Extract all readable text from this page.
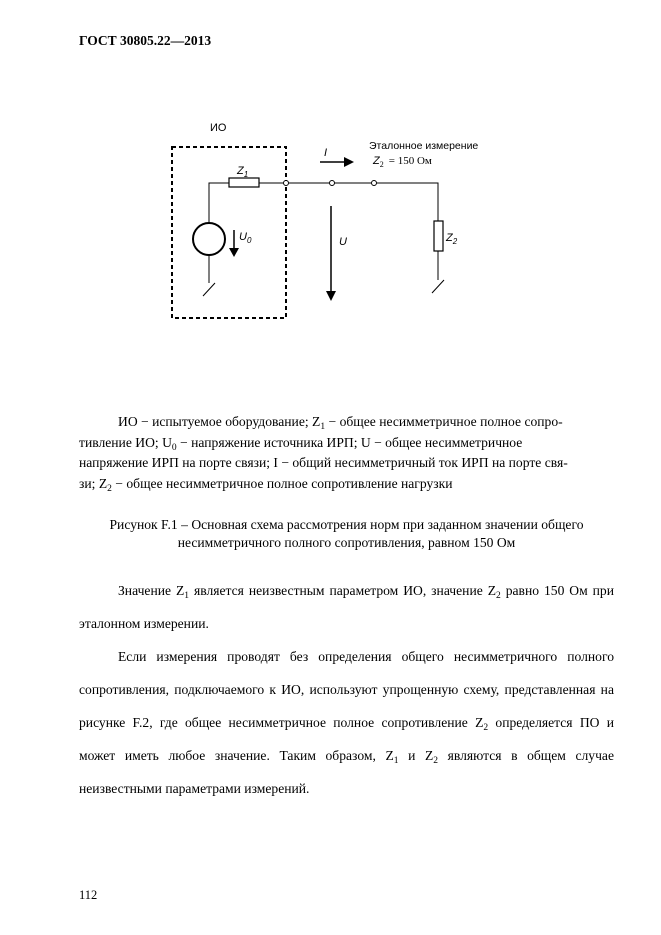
ГОСТ 30805.22—2013
ИО
$Z_1$
$Z_2$
$U_0$
I
U
Эталонное измерение
$Z_2 = 150$ Ом

ИО − испытуемое оборудование; $Z_1$ − общее несимметричное полное сопро-

тивление ИО; $U_0$ − напряжение источника ИРП; U − общее несимметричное

напряжение ИРП на порте связи; I − общий несимметричный ток ИРП на порте свя-

зи; $Z_2$ − общее несимметричное полное сопротивление нагрузки

Рисунок F.1 – Основная схема рассмотрения норм при заданном значении общего
несимметричного полного сопротивления, равном 150 Ом

Значение $Z_1$ является неизвестным параметром ИО, значение $Z_2$ равно 150 Ом при эталонном измерении.

Если измерения проводят без определения общего несимметричного полного сопротивления, подключаемого к ИО, используют упрощенную схему, представленная на рисунке F.2, где общее несимметричное полное сопротивление $Z_2$ определяется ПО и может иметь любое значение. Таким образом, $Z_1$ и $Z_2$ являются в общем случае неизвестными параметрами измерений.

112
